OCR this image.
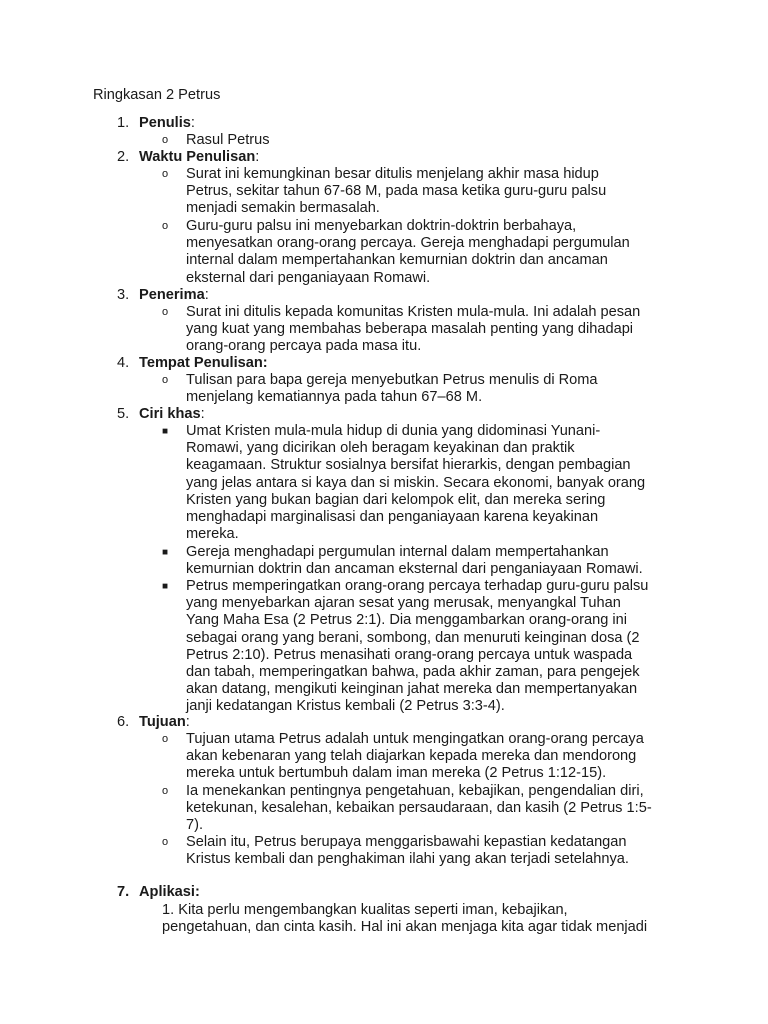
Ringkasan 2 Petrus
1. Penulis:
o	Rasul Petrus
2. Waktu Penulisan:
o	Surat ini kemungkinan besar ditulis menjelang akhir masa hidup
Petrus, sekitar tahun 67-68 M, pada masa ketika guru-guru palsu
menjadi semakin bermasalah.
o	Guru-guru palsu ini menyebarkan doktrin-doktrin berbahaya,
menyesatkan orang-orang percaya. Gereja menghadapi pergumulan
internal dalam mempertahankan kemurnian doktrin dan ancaman
eksternal dari penganiayaan Romawi.
3. Penerima:
o	Surat ini ditulis kepada komunitas Kristen mula-mula. Ini adalah pesan
yang kuat yang membahas beberapa masalah penting yang dihadapi
orang-orang percaya pada masa itu.
4. Tempat Penulisan:
o	Tulisan para bapa gereja menyebutkan Petrus menulis di Roma
menjelang kematiannya pada tahun 67–68 M.
5. Ciri khas:
■	Umat Kristen mula-mula hidup di dunia yang didominasi Yunani-
Romawi, yang dicirikan oleh beragam keyakinan dan praktik
keagamaan. Struktur sosialnya bersifat hierarkis, dengan pembagian
yang jelas antara si kaya dan si miskin. Secara ekonomi, banyak orang
Kristen yang bukan bagian dari kelompok elit, dan mereka sering
menghadapi marginalisasi dan penganiayaan karena keyakinan
mereka.
■	Gereja menghadapi pergumulan internal dalam mempertahankan
kemurnian doktrin dan ancaman eksternal dari penganiayaan Romawi.
■	Petrus memperingatkan orang-orang percaya terhadap guru-guru palsu
yang menyebarkan ajaran sesat yang merusak, menyangkal Tuhan
Yang Maha Esa (2 Petrus 2:1). Dia menggambarkan orang-orang ini
sebagai orang yang berani, sombong, dan menuruti keinginan dosa (2
Petrus 2:10). Petrus menasihati orang-orang percaya untuk waspada
dan tabah, memperingatkan bahwa, pada akhir zaman, para pengejek
akan datang, mengikuti keinginan jahat mereka dan mempertanyakan
janji kedatangan Kristus kembali (2 Petrus 3:3-4).
6. Tujuan:
o	Tujuan utama Petrus adalah untuk mengingatkan orang-orang percaya
akan kebenaran yang telah diajarkan kepada mereka dan mendorong
mereka untuk bertumbuh dalam iman mereka (2 Petrus 1:12-15).
o	Ia menekankan pentingnya pengetahuan, kebajikan, pengendalian diri,
ketekunan, kesalehan, kebaikan persaudaraan, dan kasih (2 Petrus 1:5-
7).
o	Selain itu, Petrus berupaya menggarisbawahi kepastian kedatangan
Kristus kembali dan penghakiman ilahi yang akan terjadi setelahnya.
7. Aplikasi:
1. Kita perlu mengembangkan kualitas seperti iman, kebajikan,
pengetahuan, dan cinta kasih. Hal ini akan menjaga kita agar tidak menjadi
